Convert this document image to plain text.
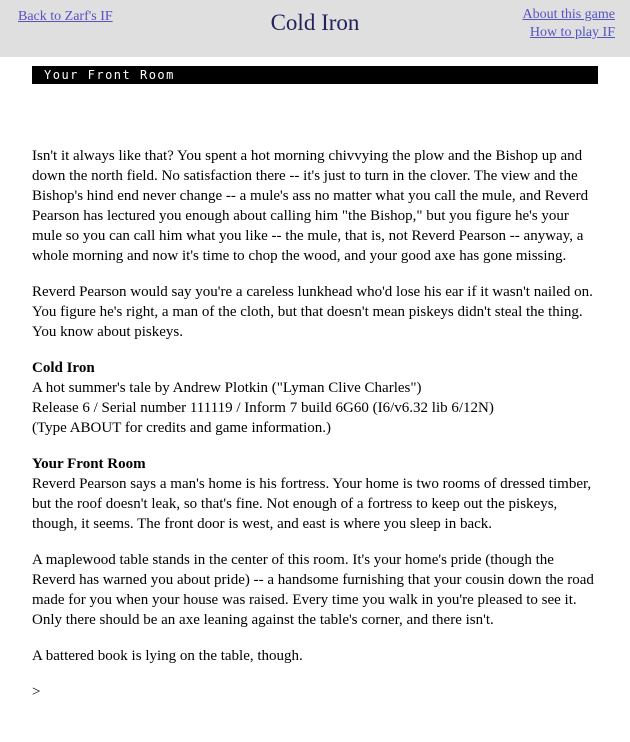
Back to Zarf's IF	Cold Iron	About this game
How to play IF
Your Front Room

Isn't it always like that? You spent a hot morning chivvying the plow and the Bishop up and down the north field. No satisfaction there -- it's just to turn in the clover. The view and the Bishop's hind end never change -- a mule's ass no matter what you call the mule, and Reverd Pearson has lectured you enough about calling him "the Bishop," but you figure he's your mule so you can call him what you like -- the mule, that is, not Reverd Pearson -- anyway, a whole morning and now it's time to chop the wood, and your good axe has gone missing.

Reverd Pearson would say you're a careless lunkhead who'd lose his ear if it wasn't nailed on. You figure he's right, a man of the cloth, but that doesn't mean piskeys didn't steal the thing. You know about piskeys.

Cold Iron
A hot summer's tale by Andrew Plotkin ("Lyman Clive Charles")
Release 6 / Serial number 111119 / Inform 7 build 6G60 (I6/v6.32 lib 6/12N)
(Type ABOUT for credits and game information.)
Your Front Room
Reverd Pearson says a man's home is his fortress. Your home is two rooms of dressed timber, but the roof doesn't leak, so that's fine. Not enough of a fortress to keep out the piskeys, though, it seems. The front door is west, and east is where you sleep in back.

A maplewood table stands in the center of this room. It's your home's pride (though the Reverd has warned you about pride) -- a handsome furnishing that your cousin down the road made for you when your house was raised. Every time you walk in you're pleased to see it. Only there should be an axe leaning against the table's corner, and there isn't.

A battered book is lying on the table, though.

>
